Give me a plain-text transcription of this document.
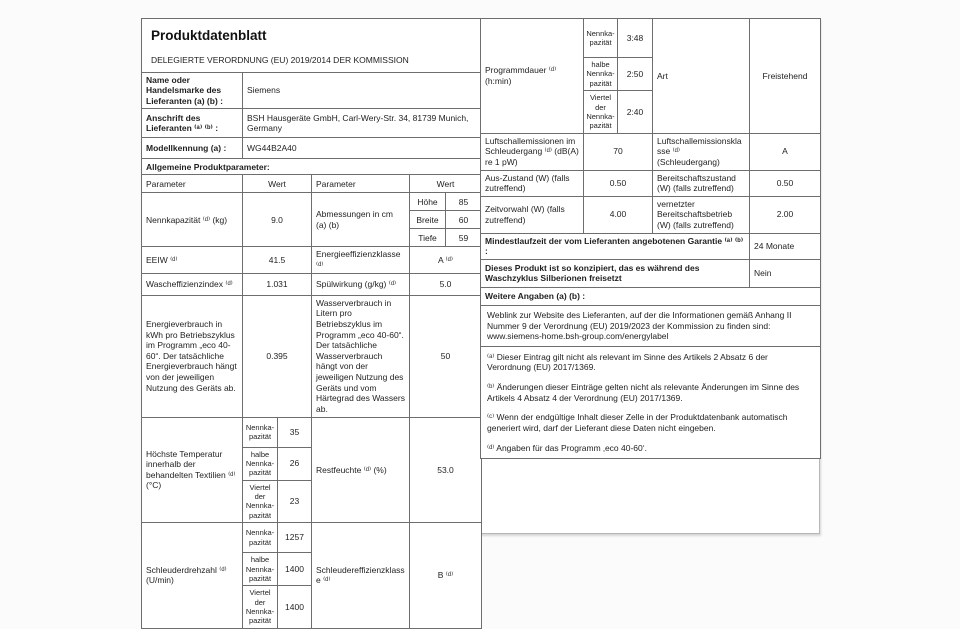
Produktdatenblatt
DELEGIERTE VERORDNUNG (EU) 2019/2014 DER KOMMISSION					

Name oder Handelsmarke des Lieferanten (a) (b) :	Siemens				
Anschrift des Lieferanten ⁽ᵃ⁾ ⁽ᵇ⁾ :	BSH Hausgeräte GmbH, Carl-Wery-Str. 34, 81739 Munich, Germany				
Modellkennung (a) :	WG44B2A40				
Allgemeine Produktparameter:					
Parameter	Wert		Parameter	Wert	
Nennkapazität ⁽ᵈ⁾ (kg)	9.0		Abmessungen in cm (a) (b)	Höhe	85
				Breite	60
				Tiefe	59
EEIW ⁽ᵈ⁾	41.5		Energieeffizienzklasse ⁽ᵈ⁾	A ⁽ᵈ⁾	
Wascheffizienzindex ⁽ᵈ⁾	1.031		Spülwirkung (g/kg) ⁽ᵈ⁾	5.0	
Energieverbrauch in kWh pro Betriebszyklus im Programm „eco 40-60“. Der tatsächliche Energieverbrauch hängt von der jeweiligen Nutzung des Geräts ab.	0.395		Wasserverbrauch in Litern pro Betriebszyklus im Programm „eco 40-60“. Der tatsächliche Wasserverbrauch hängt von der jeweiligen Nutzung des Geräts und vom Härtegrad des Wassers ab.	50	
Höchste Temperatur innerhalb der behandelten Textilien ⁽ᵈ⁾ (°C)	Nennka-pazität	35	Restfeuchte ⁽ᵈ⁾ (%)	53.0	
	halbe Nennka-pazität	26			
	Viertel der Nennka-pazität	23			
Schleuderdrehzahl ⁽ᵈ⁾ (U/min)	Nennka-pazität	1257	Schleudereffizienzklasse ⁽ᵈ⁾	B ⁽ᵈ⁾	
	halbe Nennka-pazität	1400			
	Viertel der Nennka-pazität	1400			
Programmdauer ⁽ᵈ⁾ (h:min)	Nennka-pazität	3:48	Art	Freistehend
	halbe Nennka-pazität	2:50		
	Viertel der Nennka-pazität	2:40		
Luftschallemissionen im Schleudergang ⁽ᵈ⁾ (dB(A) re 1 pW)	70		Luftschallemissionsklasse ⁽ᵈ⁾ (Schleudergang)	A
Aus-Zustand (W) (falls zutreffend)	0.50		Bereitschaftszustand (W) (falls zutreffend)	0.50
Zeitvorwahl (W) (falls zutreffend)	4.00		vernetzter Bereitschaftsbetrieb (W) (falls zutreffend)	2.00
Mindestlaufzeit der vom Lieferanten angebotenen Garantie ⁽ᵃ⁾ ⁽ᵇ⁾ :				24 Monate
Dieses Produkt ist so konzipiert, das es während des Waschzyklus Silberionen freisetzt				Nein
Weitere Angaben (a) (b) :				
Weblink zur Website des Lieferanten, auf der die Informationen gemäß Anhang II Nummer 9 der Verordnung (EU) 2019/2023 der Kommission zu finden sind: www.siemens-home.bsh-group.com/energylabel				

⁽ᵃ⁾ Dieser Eintrag gilt nicht als relevant im Sinne des Artikels 2 Absatz 6 der Verordnung (EU) 2017/1369.

⁽ᵇ⁾ Änderungen dieser Einträge gelten nicht als relevante Änderungen im Sinne des Artikels 4 Absatz 4 der Verordnung (EU) 2017/1369.

⁽ᶜ⁾ Wenn der endgültige Inhalt dieser Zelle in der Produktdatenbank automatisch generiert wird, darf der Lieferant diese Daten nicht eingeben.

⁽ᵈ⁾ Angaben für das Programm ‚eco 40-60‘.				
